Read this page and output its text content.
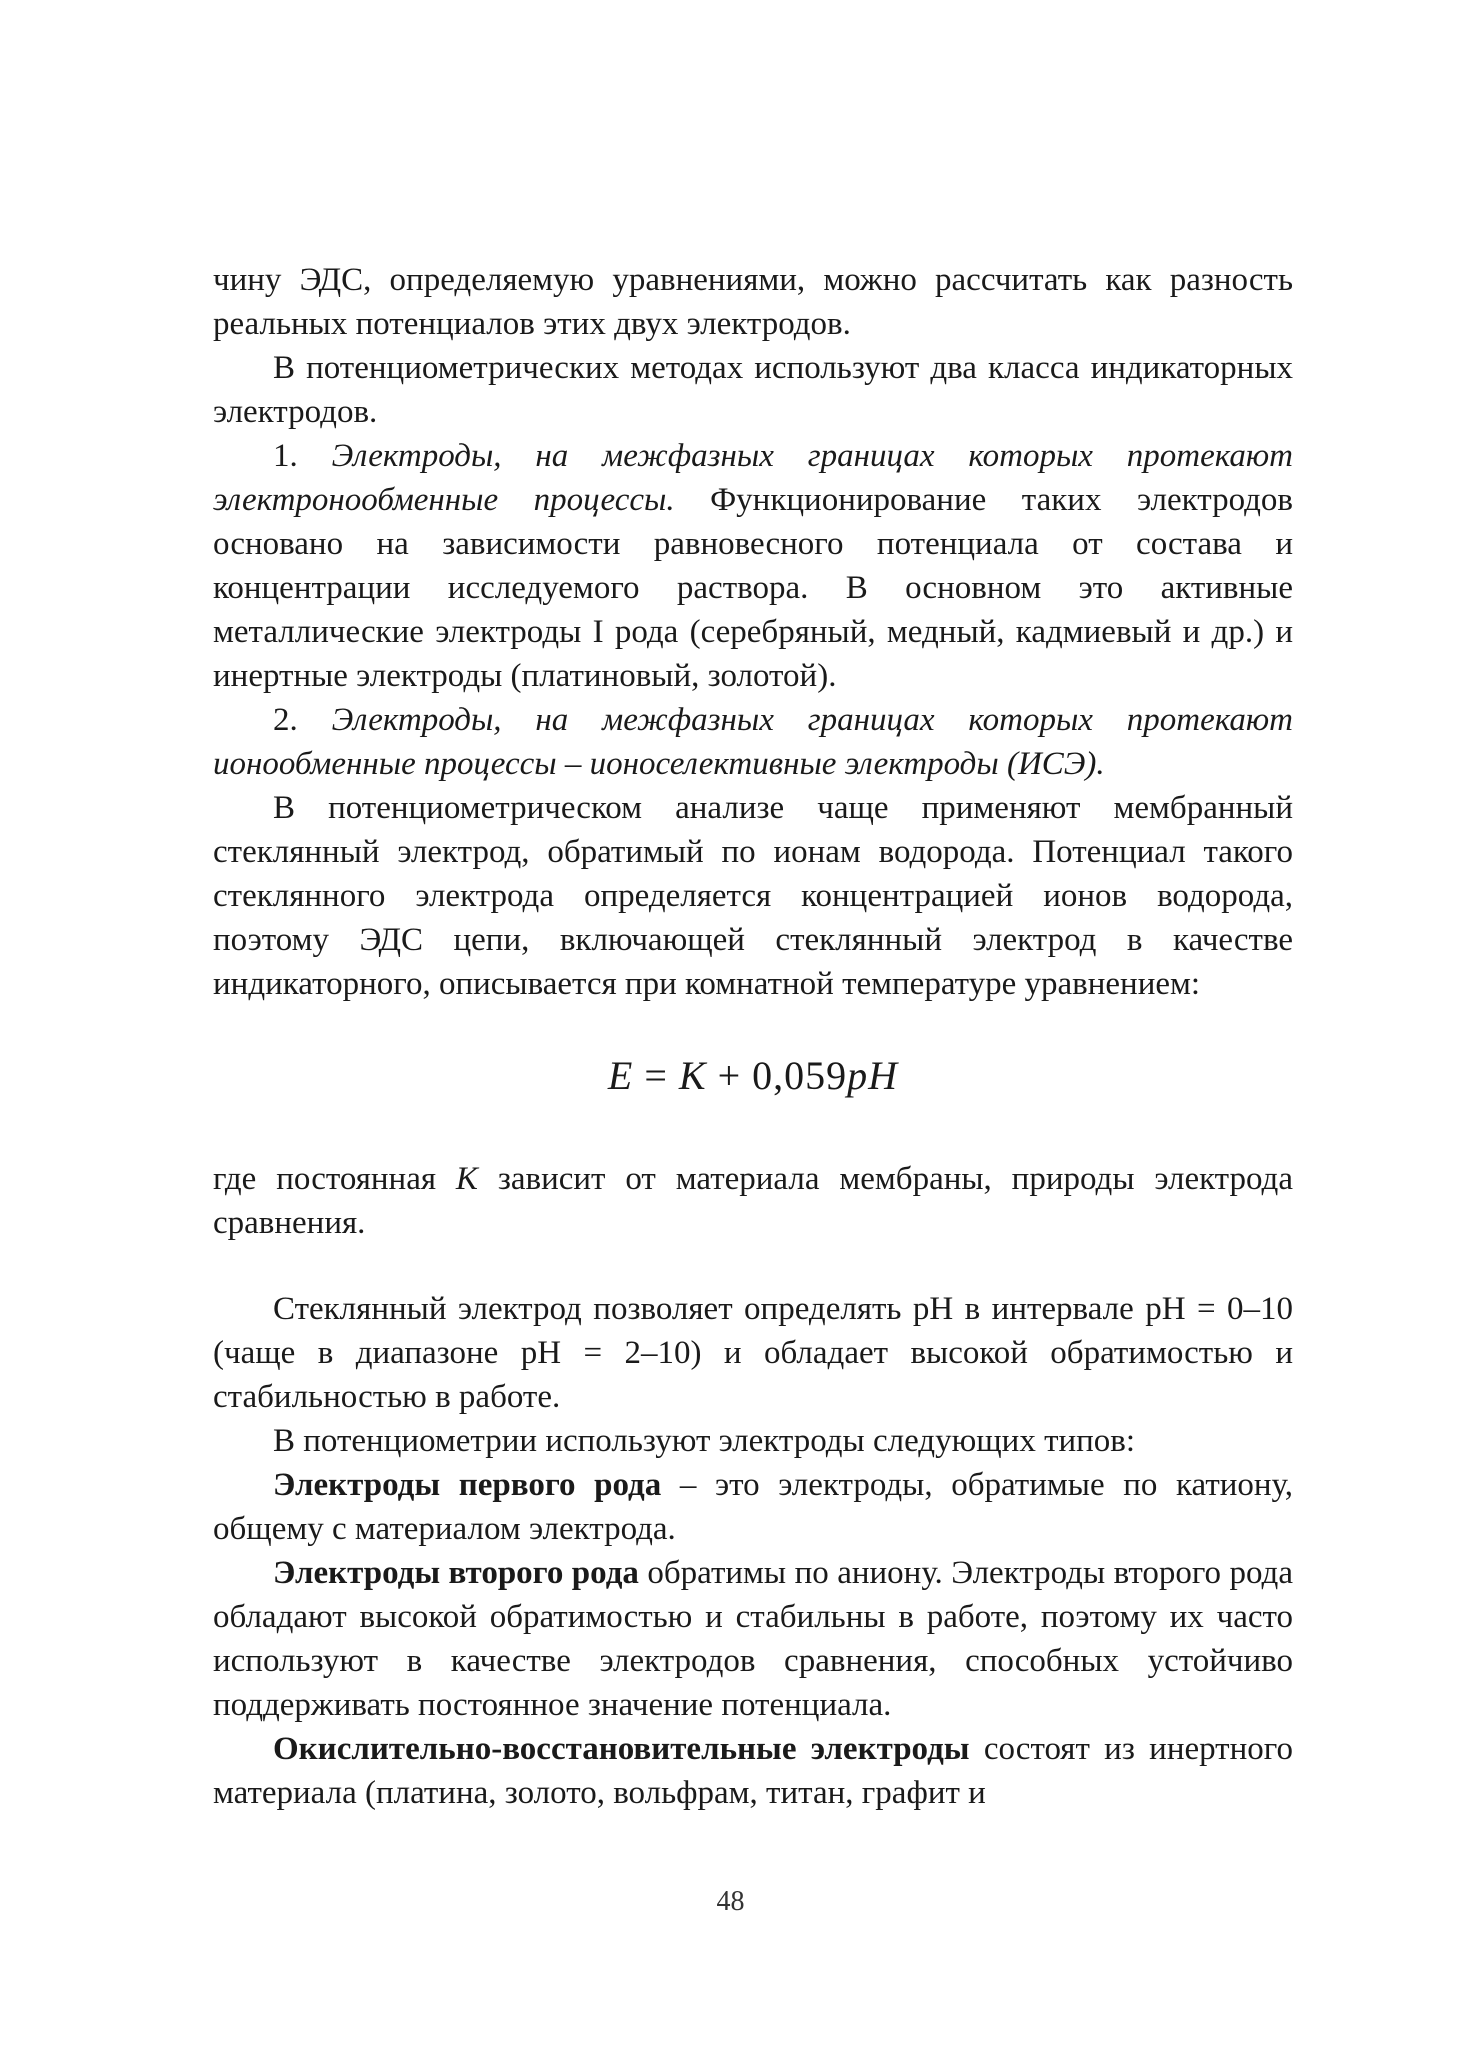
чину ЭДС, определяемую уравнениями, можно рассчитать как разность реальных потенциалов этих двух электродов.

В потенциометрических методах используют два класса индикаторных электродов.

1. Электроды, на межфазных границах которых протекают электронообменные процессы. Функционирование таких электродов основано на зависимости равновесного потенциала от состава и концентрации исследуемого раствора. В основном это активные металлические электроды I рода (серебряный, медный, кадмиевый и др.) и инертные электроды (платиновый, золотой).

2. Электроды, на межфазных границах которых протекают ионообменные процессы – ионоселективные электроды (ИСЭ).

В потенциометрическом анализе чаще применяют мембранный стеклянный электрод, обратимый по ионам водорода. Потенциал такого стеклянного электрода определяется концентрацией ионов водорода, поэтому ЭДС цепи, включающей стеклянный электрод в качестве индикаторного, описывается при комнатной температуре уравнением:

E = K + 0,059pH

где постоянная K зависит от материала мембраны, природы электрода сравнения.

Стеклянный электрод позволяет определять рН в интервале рН = 0–10 (чаще в диапазоне рН = 2–10) и обладает высокой обратимостью и стабильностью в работе.

В потенциометрии используют электроды следующих типов:

Электроды первого рода – это электроды, обратимые по катиону, общему с материалом электрода.

Электроды второго рода обратимы по аниону. Электроды второго рода обладают высокой обратимостью и стабильны в работе, поэтому их часто используют в качестве электродов сравнения, способных устойчиво поддерживать постоянное значение потенциала.

Окислительно-восстановительные электроды состоят из инертного материала (платина, золото, вольфрам, титан, графит и

48
